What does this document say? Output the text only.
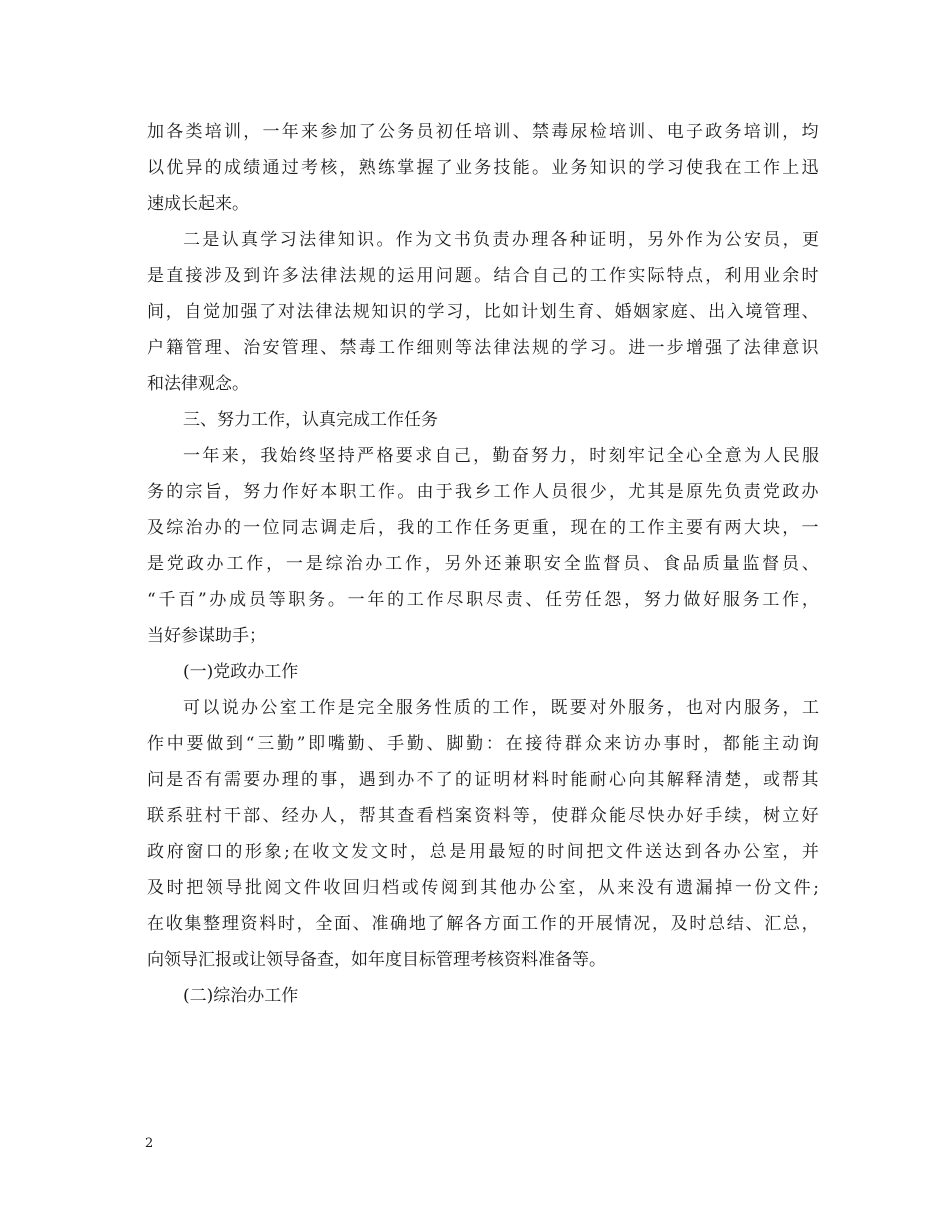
加 各 类 培 训 ， 一 年 来 参 加 了 公 务 员 初 任 培 训 、 禁 毒 尿 检 培 训 、 电 子 政 务 培 训 ， 均
以 优 异 的 成 绩 通 过 考 核 ， 熟 练 掌 握 了 业 务 技 能 。 业 务 知 识 的 学 习 使 我 在 工 作 上 迅
速成长起来。
二 是 认 真 学 习 法 律 知 识 。 作 为 文 书 负 责 办 理 各 种 证 明 ， 另 外 作 为 公 安 员 ， 更
是 直 接 涉 及 到 许 多 法 律 法 规 的 运 用 问 题 。 结 合 自 己 的 工 作 实 际 特 点 ， 利 用 业 余 时
间 ， 自 觉 加 强 了 对 法 律 法 规 知 识 的 学 习 ， 比 如 计 划 生 育 、 婚 姻 家 庭 、 出 入 境 管 理 、
户 籍 管 理 、 治 安 管 理 、 禁 毒 工 作 细 则 等 法 律 法 规 的 学 习 。 进 一 步 增 强 了 法 律 意 识
和法律观念。
三、努力工作，认真完成工作任务
一 年 来 ， 我 始 终 坚 持 严 格 要 求 自 己 ， 勤 奋 努 力 ， 时 刻 牢 记 全 心 全 意 为 人 民 服
务 的 宗 旨 ， 努 力 作 好 本 职 工 作 。 由 于 我 乡 工 作 人 员 很 少 ， 尤 其 是 原 先 负 责 党 政 办
及 综 治 办 的 一 位 同 志 调 走 后 ， 我 的 工 作 任 务 更 重 ， 现 在 的 工 作 主 要 有 两 大 块 ， 一
是 党 政 办 工 作 ， 一 是 综 治 办 工 作 ， 另 外 还 兼 职 安 全 监 督 员 、 食 品 质 量 监 督 员 、
“ 千 百 ” 办 成 员 等 职 务 。 一 年 的 工 作 尽 职 尽 责 、 任 劳 任 怨 ， 努 力 做 好 服 务 工 作 ，
当好参谋助手；
(一)党政办工作
可 以 说 办 公 室 工 作 是 完 全 服 务 性 质 的 工 作 ， 既 要 对 外 服 务 ， 也 对 内 服 务 ， 工
作 中 要 做 到 “ 三 勤 ” 即 嘴 勤 、 手 勤 、 脚 勤 ： 在 接 待 群 众 来 访 办 事 时 ， 都 能 主 动 询
问 是 否 有 需 要 办 理 的 事 ， 遇 到 办 不 了 的 证 明 材 料 时 能 耐 心 向 其 解 释 清 楚 ， 或 帮 其
联 系 驻 村 干 部 、 经 办 人 ， 帮 其 查 看 档 案 资 料 等 ， 使 群 众 能 尽 快 办 好 手 续 ， 树 立 好
政 府 窗 口 的 形 象 ; 在 收 文 发 文 时 ， 总 是 用 最 短 的 时 间 把 文 件 送 达 到 各 办 公 室 ， 并
及 时 把 领 导 批 阅 文 件 收 回 归 档 或 传 阅 到 其 他 办 公 室 ， 从 来 没 有 遗 漏 掉 一 份 文 件 ;
在 收 集 整 理 资 料 时 ， 全 面 、 准 确 地 了 解 各 方 面 工 作 的 开 展 情 况 ， 及 时 总 结 、 汇 总 ，
向领导汇报或让领导备查，如年度目标管理考核资料准备等。
(二)综治办工作
2
